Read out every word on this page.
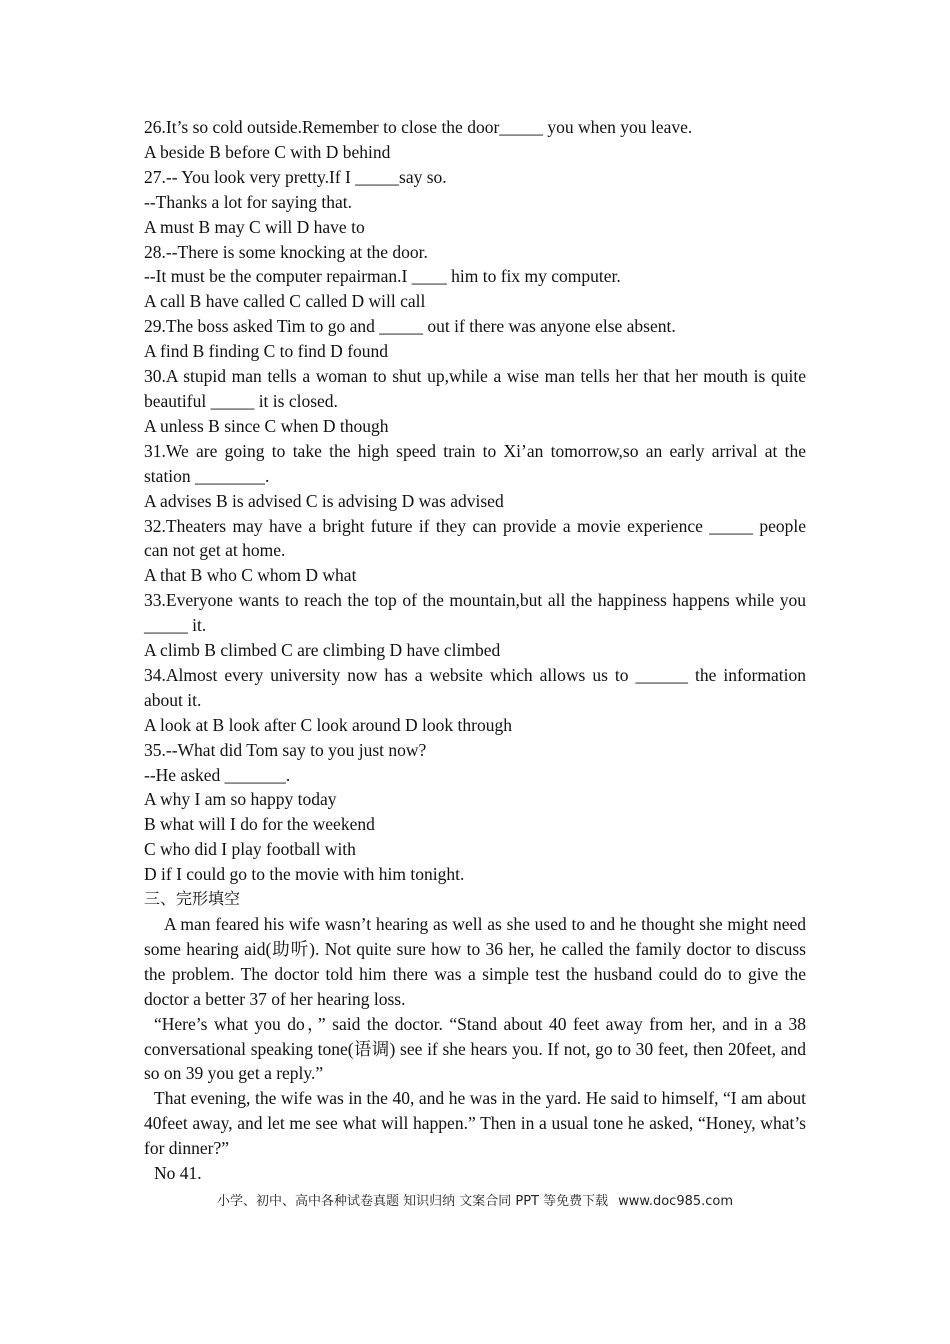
26.It’s so cold outside.Remember to close the door_____ you when you leave.

A beside B before C with D behind

27.-- You look very pretty.If I _____say so.

--Thanks a lot for saying that.

A must B may C will D have to

28.--There is some knocking at the door.

--It must be the computer repairman.I ____ him to fix my computer.

A call B have called C called D will call

29.The boss asked Tim to go and _____ out if there was anyone else absent.

A find B finding C to find D found

30.A stupid man tells a woman to shut up,while a wise man tells her that her mouth is quite beautiful _____ it is closed.

A unless B since C when D though

31.We are going to take the high speed train to Xi’an tomorrow,so an early arrival at the station ________.

A advises B is advised C is advising D was advised

32.Theaters may have a bright future if they can provide a movie experience _____ people can not get at home.

A that B who C whom D what

33.Everyone wants to reach the top of the mountain,but all the happiness happens while you _____ it.

A climb B climbed C are climbing D have climbed

34.Almost every university now has a website which allows us to ______ the information about it.

A look at B look after C look around D look through

35.--What did Tom say to you just now?

--He asked _______.

A why I am so happy today

B what will I do for the weekend

C who did I play football with

D if I could go to the movie with him tonight.

三、完形填空

A man feared his wife wasn’t hearing as well as she used to and he thought she might need some hearing aid(助听). Not quite sure how to 36 her, he called the family doctor to discuss the problem. The doctor told him there was a simple test the husband could do to give the doctor a better 37 of her hearing loss.

“Here’s what you do，” said the doctor. “Stand about 40 feet away from her, and in a 38 conversational speaking tone(语调) see if she hears you. If not, go to 30 feet, then 20feet, and so on 39 you get a reply.”

That evening, the wife was in the 40, and he was in the yard. He said to himself, “I am about 40feet away, and let me see what will happen.” Then in a usual tone he asked, “Honey, what’s for dinner?”

No 41.

小学、初中、高中各种试卷真题 知识归纳 文案合同 PPT 等免费下载 www.doc985.com
